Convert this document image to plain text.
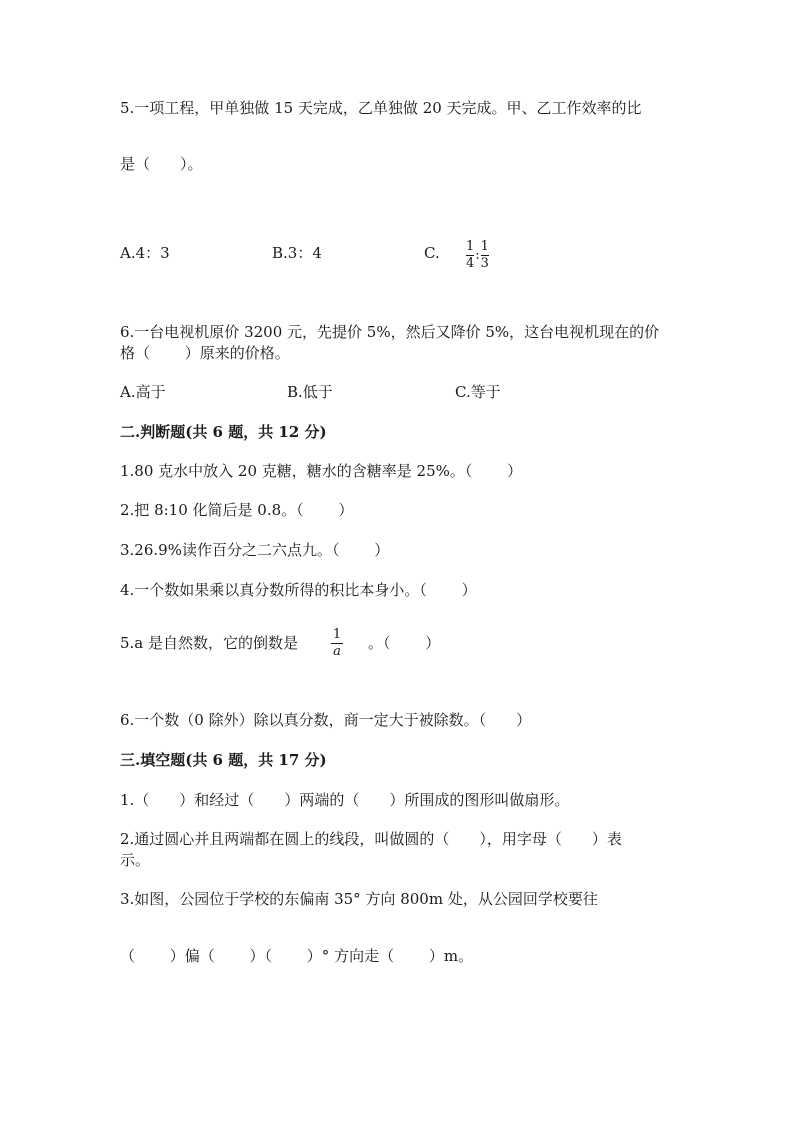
5.一项工程，甲单独做 15 天完成，乙单独做 20 天完成。甲、乙工作效率的比
是（　　）。
A.4：3	B.3：4	C. $\frac{1}{4}$ : $\frac{1}{3}$
6.一台电视机原价 3200 元，先提价 5%，然后又降价 5%，这台电视机现在的价
格（　　 ）原来的价格。
A.高于	B.低于	C.等于
二.判断题(共 6 题，共 12 分)
1.80 克水中放入 20 克糖，糖水的含糖率是 25%。（　　 ）
2.把 8:10 化简后是 0.8。（　　 ）
3.26.9%读作百分之二六点九。（　　 ）
4.一个数如果乘以真分数所得的积比本身小。（　　 ）
5.a 是自然数，它的倒数是	1
a 。（　　 ）
6.一个数（0 除外）除以真分数，商一定大于被除数。（　　）
三.填空题(共 6 题，共 17 分)
1.（　　）和经过（　　）两端的（　　）所围成的图形叫做扇形。
2.通过圆心并且两端都在圆上的线段，叫做圆的（　　），用字母（　　）表
示。
3.如图，公园位于学校的东偏南 35° 方向 800m 处，从公园回学校要往
（　　 ）偏（　　 ）（　　 ）° 方向走（　　 ）m。
